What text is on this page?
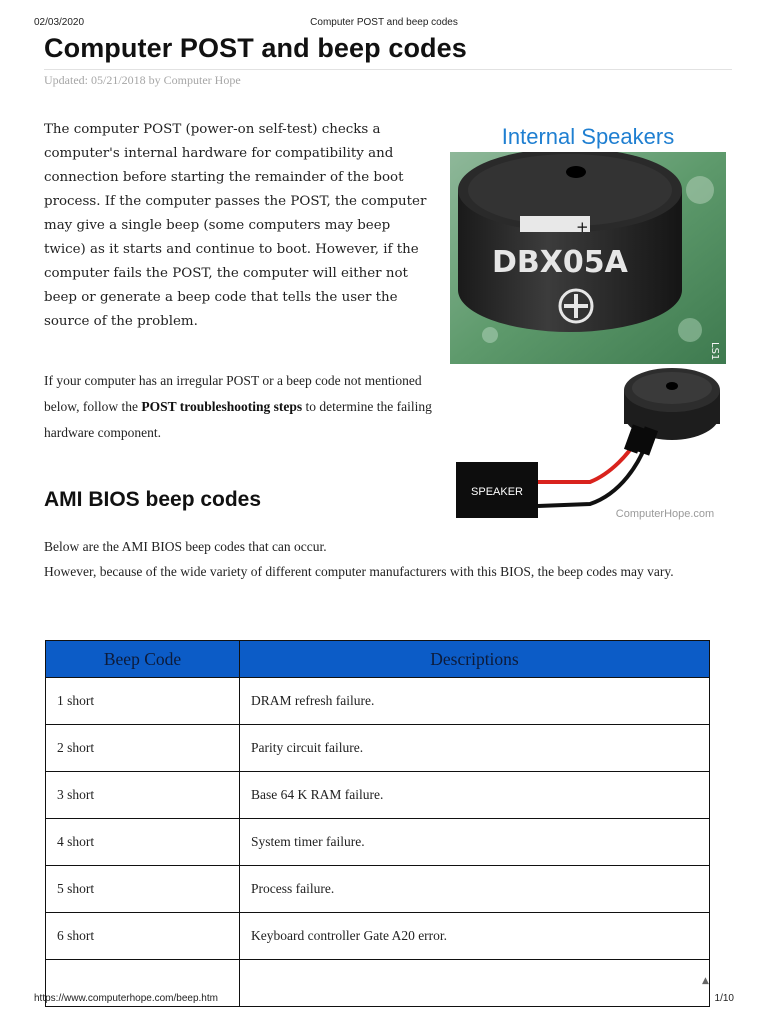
02/03/2020	Computer POST and beep codes
Computer POST and beep codes
Updated: 05/21/2018 by Computer Hope

The computer POST (power-on self-test) checks a computer's internal hardware for compatibility and connection before starting the remainder of the boot process. If the computer passes the POST, the computer may give a single beep (some computers may beep twice) as it starts and continue to boot. However, if the computer fails the POST, the computer will either not beep or generate a beep code that tells the user the source of the problem.

If your computer has an irregular POST or a beep code not mentioned below, follow the POST troubleshooting steps to determine the failing hardware component.

+
DBX05A
LS1
Internal Speakers
SPEAKER
ComputerHope.com
AMI BIOS beep codes

Below are the AMI BIOS beep codes that can occur.
However, because of the wide variety of different computer manufacturers with this BIOS, the beep codes may vary.

Beep Code	Descriptions
1 short	DRAM refresh failure.
2 short	Parity circuit failure.
3 short	Base 64 K RAM failure.
4 short	System timer failure.
5 short	Process failure.
6 short	Keyboard controller Gate A20 error.

▲
https://www.computerhope.com/beep.htm	1/10
